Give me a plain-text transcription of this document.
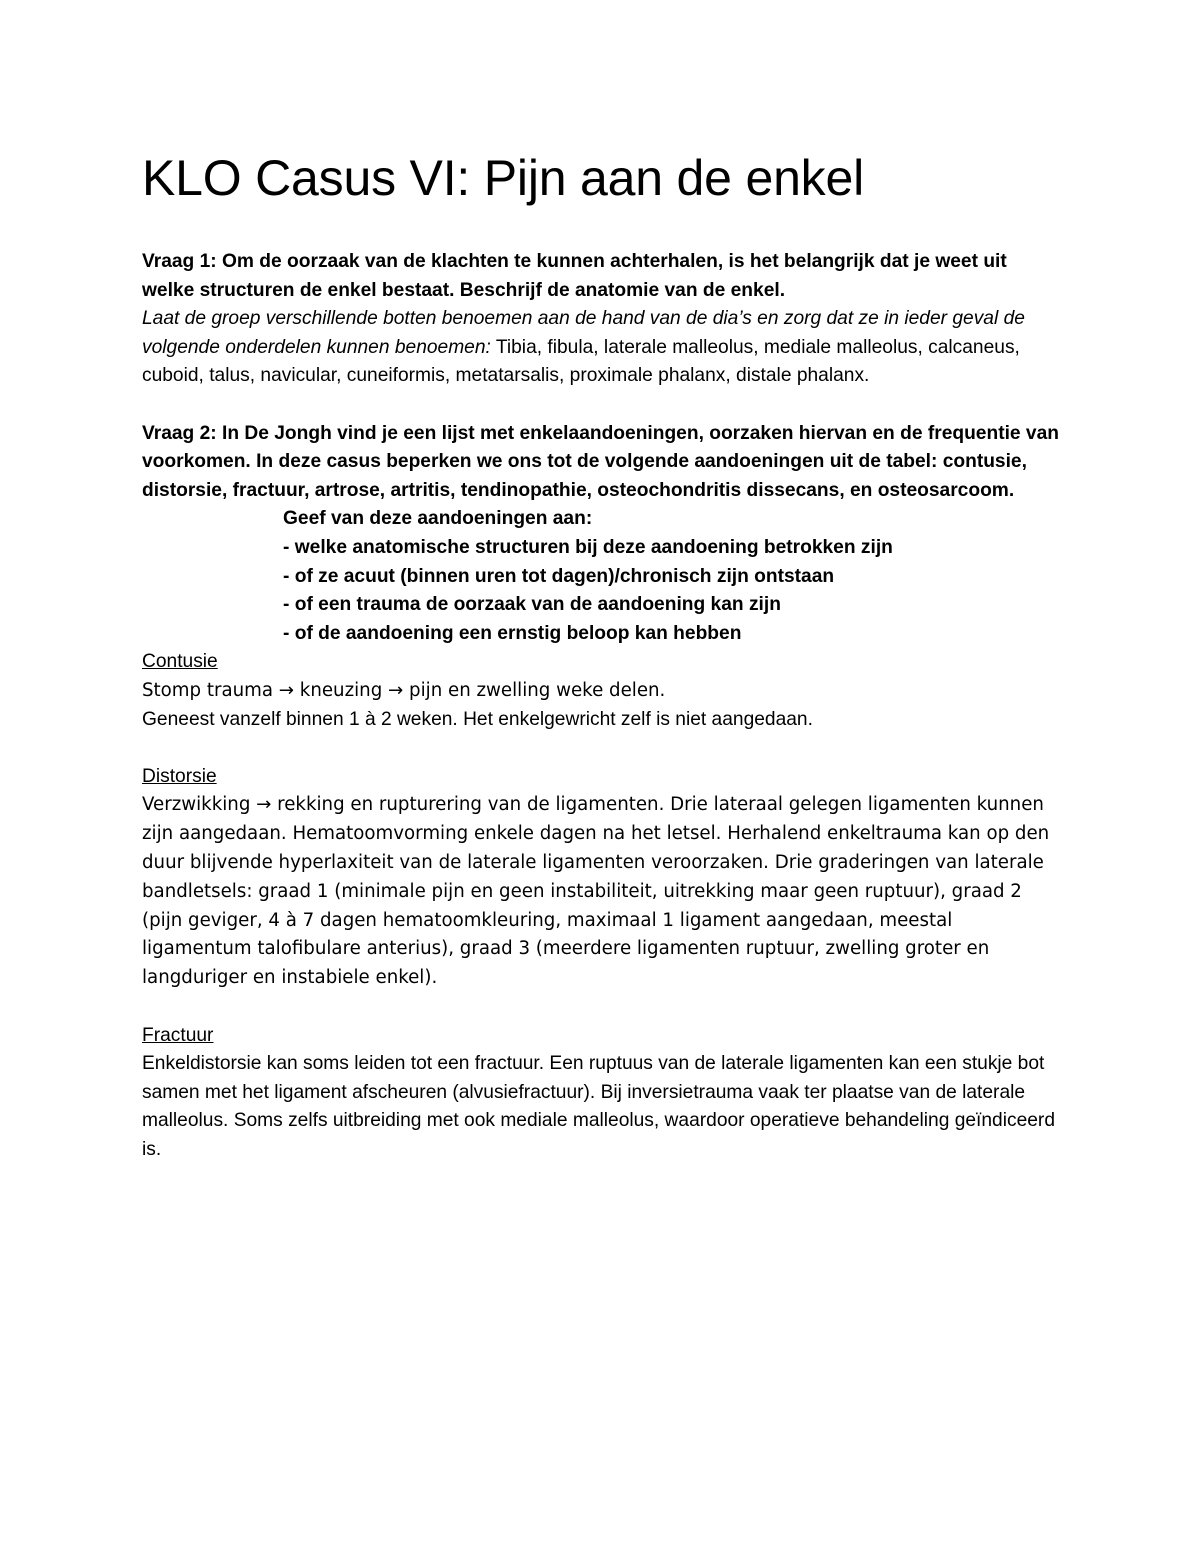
KLO Casus VI: Pijn aan de enkel

Vraag 1: Om de oorzaak van de klachten te kunnen achterhalen, is het belangrijk dat je weet uit welke structuren de enkel bestaat. Beschrijf de anatomie van de enkel.

Laat de groep verschillende botten benoemen aan de hand van de dia’s en zorg dat ze in ieder geval de volgende onderdelen kunnen benoemen: Tibia, fibula, laterale malleolus, mediale malleolus, calcaneus, cuboid, talus, navicular, cuneiformis, metatarsalis, proximale phalanx, distale phalanx.

Vraag 2: In De Jongh vind je een lijst met enkelaandoeningen, oorzaken hiervan en de frequentie van voorkomen. In deze casus beperken we ons tot de volgende aandoeningen uit de tabel: contusie, distorsie, fractuur, artrose, artritis, tendinopathie, osteochondritis dissecans, en osteosarcoom.

Geef van deze aandoeningen aan:

- welke anatomische structuren bij deze aandoening betrokken zijn

- of ze acuut (binnen uren tot dagen)/chronisch zijn ontstaan

- of een trauma de oorzaak van de aandoening kan zijn

- of de aandoening een ernstig beloop kan hebben

Contusie

Stomp trauma → kneuzing → pijn en zwelling weke delen.

Geneest vanzelf binnen 1 à 2 weken. Het enkelgewricht zelf is niet aangedaan.

Distorsie

Verzwikking → rekking en rupturering van de ligamenten. Drie lateraal gelegen ligamenten kunnen zijn aangedaan. Hematoomvorming enkele dagen na het letsel. Herhalend enkeltrauma kan op den duur blijvende hyperlaxiteit van de laterale ligamenten veroorzaken. Drie graderingen van laterale bandletsels: graad 1 (minimale pijn en geen instabiliteit, uitrekking maar geen ruptuur), graad 2 (pijn geviger, 4 à 7 dagen hematoomkleuring, maximaal 1 ligament aangedaan, meestal ligamentum talofibulare anterius), graad 3 (meerdere ligamenten ruptuur, zwelling groter en langduriger en instabiele enkel).

Fractuur

Enkeldistorsie kan soms leiden tot een fractuur. Een ruptuus van de laterale ligamenten kan een stukje bot samen met het ligament afscheuren (alvusiefractuur). Bij inversietrauma vaak ter plaatse van de laterale malleolus. Soms zelfs uitbreiding met ook mediale malleolus, waardoor operatieve behandeling geïndiceerd is.
